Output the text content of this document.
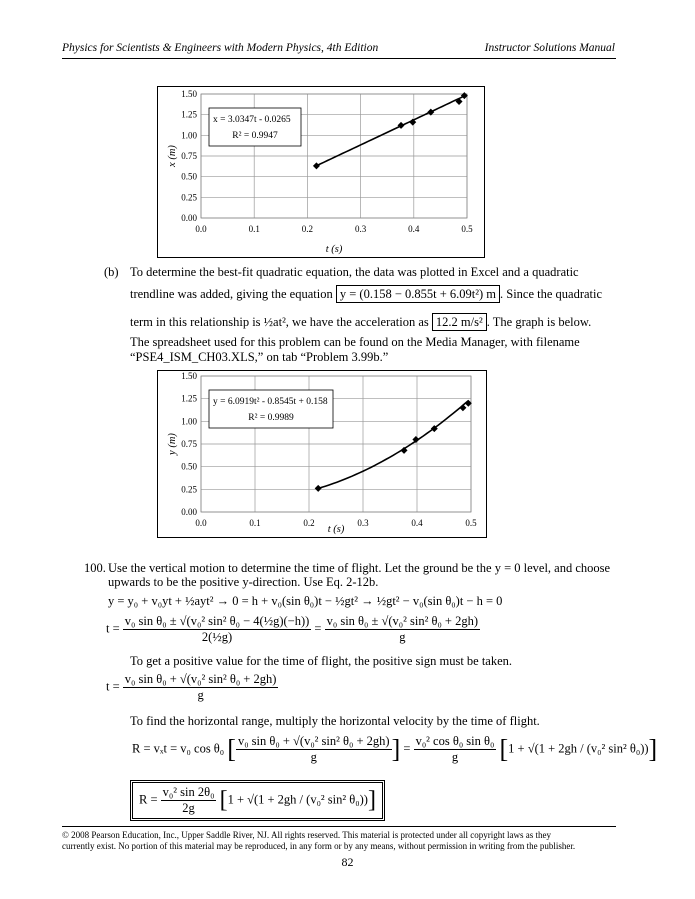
Physics for Scientists & Engineers with Modern Physics, 4th Edition	Instructor Solutions Manual
0.0	0.1	0.2	0.3	0.4	0.5
0.00
0.25
0.50
0.75
1.00
1.25
1.50
t (s)
x (m)
x = 3.0347t - 0.0265
R² = 0.9947
(b) To determine the best-fit quadratic equation, the data was plotted in Excel and a quadratic
trendline was added, giving the equation y = (0.158 − 0.855t + 6.09t²) m . Since the quadratic
term in this relationship is ½at², we have the acceleration as 12.2 m/s² . The graph is below.
The spreadsheet used for this problem can be found on the Media Manager, with filename
“PSE4_ISM_CH03.XLS,” on tab “Problem 3.99b.”
0.0	0.1	0.2	0.3	0.4	0.5
0.00
0.25
0.50
0.75
1.00
1.25
1.50
t (s)
y (m)
y = 6.0919t² - 0.8545t + 0.158
R² = 0.9989
100. Use the vertical motion to determine the time of flight. Let the ground be the y = 0 level, and choose
upwards to be the positive y-direction. Use Eq. 2-12b.
y = y₀ + v₀yt + ½ayt² → 0 = h + v₀(sin θ₀)t − ½gt² → ½gt² − v₀(sin θ₀)t − h = 0
$t = \frac{\text{v₀ sin θ₀ ± √(v₀² sin² θ₀ − 4(½g)(−h))}}{\text{2(½g)}} = \frac{\text{v₀ sin θ₀ ± √(v₀² sin² θ₀ + 2gh)}}{g}$
To get a positive value for the time of flight, the positive sign must be taken.
$t = \frac{\text{v₀ sin θ₀ + √(v₀² sin² θ₀ + 2gh)}}{g}$
To find the horizontal range, multiply the horizontal velocity by the time of flight.
R = vₓt = v₀ cos θ₀ [ $\frac{\text{v₀ sin θ₀ + √(v₀² sin² θ₀ + 2gh)}}{g}$ ] = $\frac{\text{v₀² cos θ₀ sin θ₀}}{g} [1 + √(1 + 2gh / (v_0^2$ sin² θ₀))]
$R = \frac{\text{v₀² sin 2θ₀}}{2g} [1 + √(1 + 2gh / (v_0^2$ sin² θ₀))]
© 2008 Pearson Education, Inc., Upper Saddle River, NJ. All rights reserved. This material is protected under all copyright laws as they
currently exist. No portion of this material may be reproduced, in any form or by any means, without permission in writing from the publisher.
82
